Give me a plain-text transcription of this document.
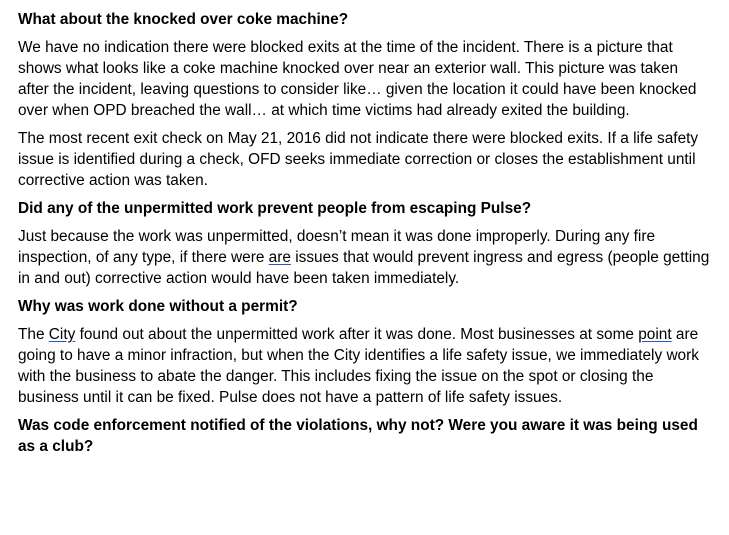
What about the knocked over coke machine?

We have no indication there were blocked exits at the time of the incident. There is a picture that shows what looks like a coke machine knocked over near an exterior wall. This picture was taken after the incident, leaving questions to consider like… given the location it could have been knocked over when OPD breached the wall… at which time victims had already exited the building.

The most recent exit check on May 21, 2016 did not indicate there were blocked exits. If a life safety issue is identified during a check, OFD seeks immediate correction or closes the establishment until corrective action was taken.

Did any of the unpermitted work prevent people from escaping Pulse?

Just because the work was unpermitted, doesn’t mean it was done improperly. During any fire inspection, of any type, if there were are issues that would prevent ingress and egress (people getting in and out) corrective action would have been taken immediately.

Why was work done without a permit?

The City found out about the unpermitted work after it was done. Most businesses at some point are going to have a minor infraction, but when the City identifies a life safety issue, we immediately work with the business to abate the danger. This includes fixing the issue on the spot or closing the business until it can be fixed. Pulse does not have a pattern of life safety issues.

Was code enforcement notified of the violations, why not? Were you aware it was being used as a club?
